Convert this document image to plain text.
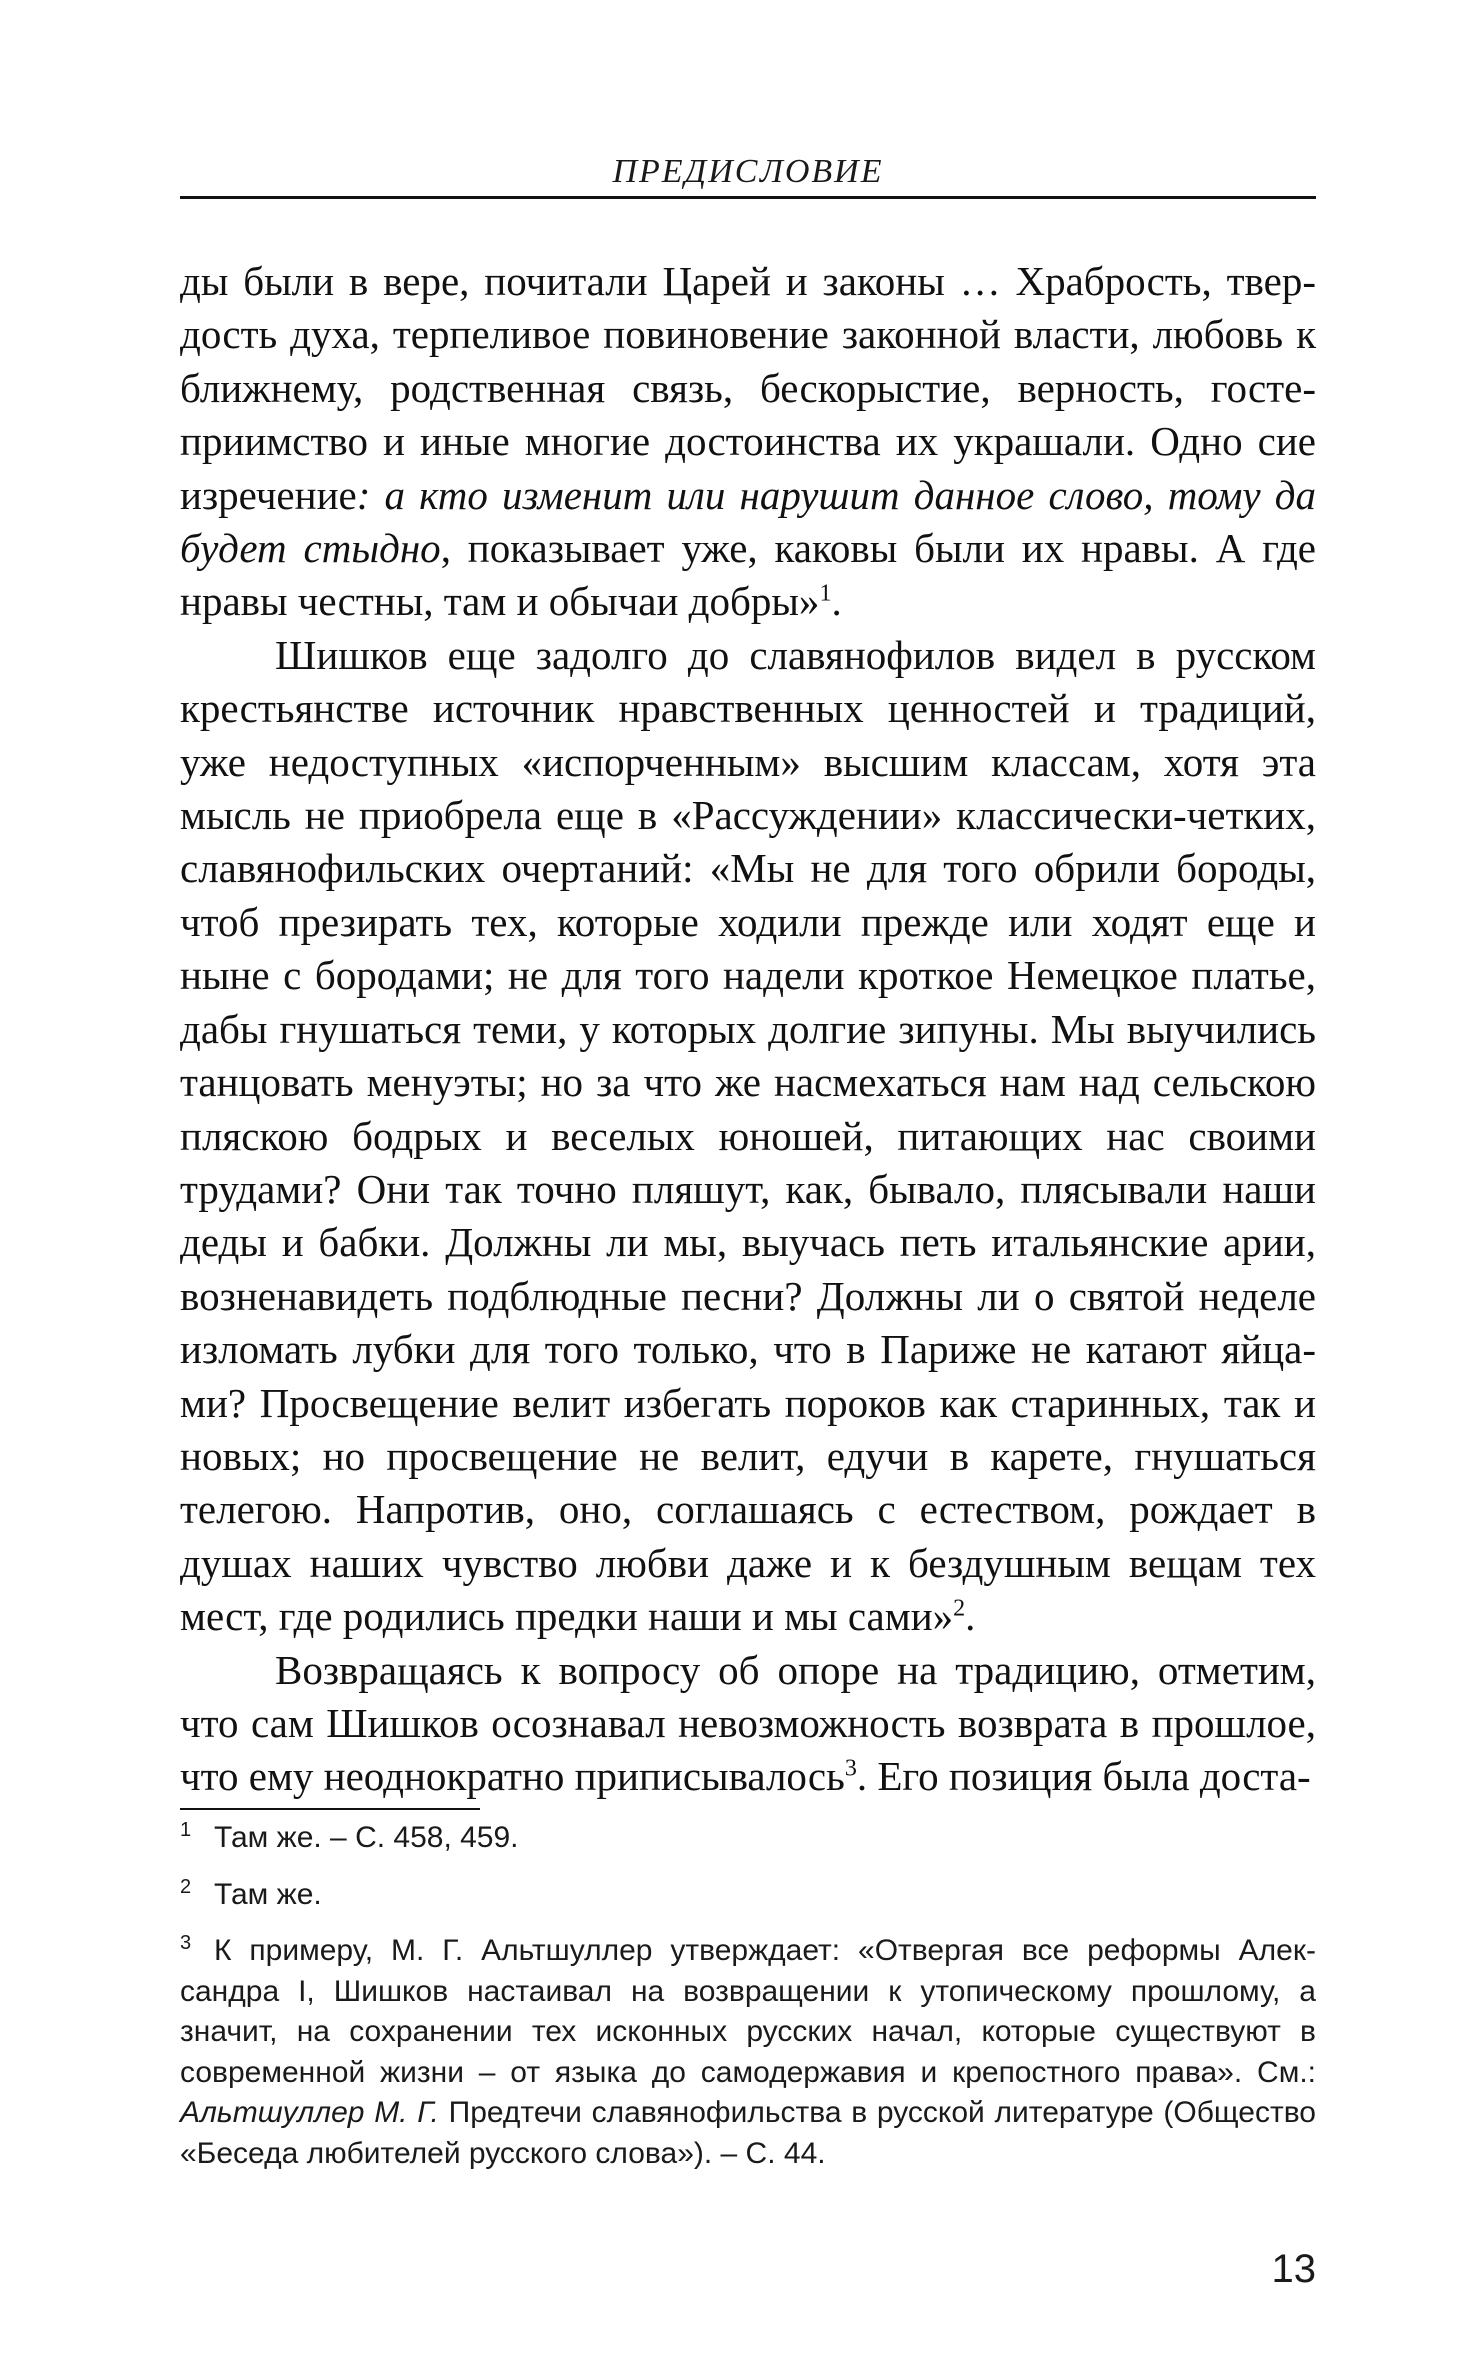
ПРЕДИСЛОВИЕ

ды были в вере, почитали Царей и законы … Храбрость, твердость духа, терпеливое повиновение законной власти, любовь к ближнему, родственная связь, бескорыстие, верность, гостеприимство и иные многие достоинства их украшали. Одно сие изречение: а кто изменит или нарушит данное слово, тому да будет стыдно, показывает уже, каковы были их нравы. А где нравы честны, там и обычаи добры»$^1$.

Шишков еще задолго до славянофилов видел в русском крестьянстве источник нравственных ценностей и традиций, уже недоступных «испорченным» высшим классам, хотя эта мысль не приобрела еще в «Рассуждении» классически-четких, славянофильских очертаний: «Мы не для того обрили бороды, чтоб презирать тех, которые ходили прежде или ходят еще и ныне с бородами; не для того надели кроткое Немецкое платье, дабы гнушаться теми, у которых долгие зипуны. Мы выучились танцовать менуэты; но за что же насмехаться нам над сельскою пляскою бодрых и веселых юношей, питающих нас своими трудами? Они так точно пляшут, как, бывало, плясывали наши деды и бабки. Должны ли мы, выучась петь итальянские арии, возненавидеть подблюдные песни? Должны ли о святой неделе изломать лубки для того только, что в Париже не катают яйцами? Просвещение велит избегать пороков как старинных, так и новых; но просвещение не велит, едучи в карете, гнушаться телегою. Напротив, оно, соглашаясь с естеством, рождает в душах наших чувство любви даже и к бездушным вещам тех мест, где родились предки наши и мы сами»$^2$.

Возвращаясь к вопросу об опоре на традицию, отметим, что сам Шишков осознавал невозможность возврата в прошлое, что ему неоднократно приписывалось$^3$. Его позиция была доста-

1 Там же. – С. 458, 459.

2 Там же.

3 К примеру, М. Г. Альтшуллер утверждает: «Отвергая все реформы Александра I, Шишков настаивал на возвращении к утопическому прошлому, а значит, на сохранении тех исконных русских начал, которые существуют в современной жизни – от языка до самодержавия и крепостного права». См.: Альтшуллер М. Г. Предтечи славянофильства в русской литературе (Общество «Беседа любителей русского слова»). – С. 44.

13
